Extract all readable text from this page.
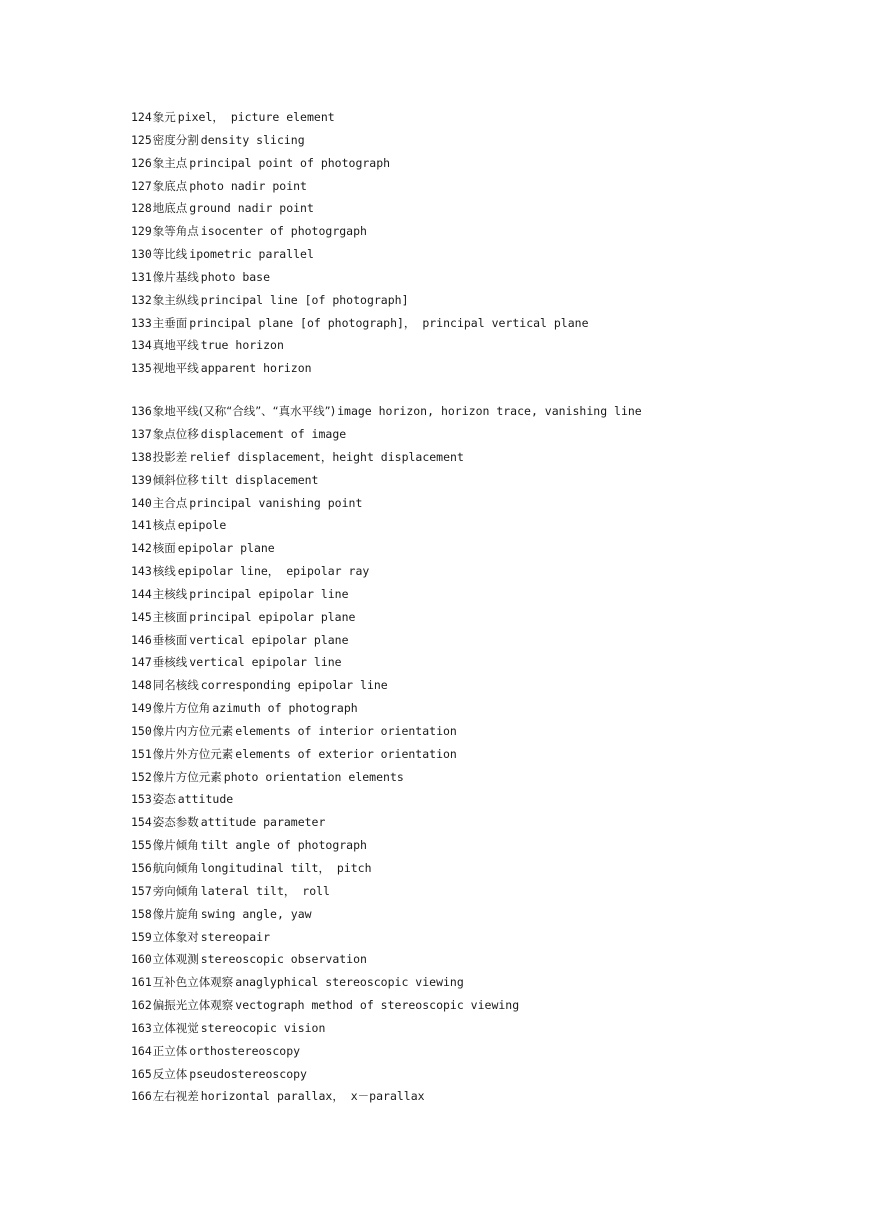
124象元 pixel， picture element
125密度分割 density slicing
126象主点 principal point of photograph
127象底点 photo nadir point
128地底点 ground nadir point
129象等角点 isocenter of photogrgaph
130等比线 ipometric parallel
131像片基线 photo base
132象主纵线 principal line [of photograph]
133主垂面 principal plane [of photograph]， principal vertical plane
134真地平线 true horizon
135视地平线 apparent horizon
136象地平线(又称“合线”、“真水平线”) image horizon, horizon trace, vanishing line
137象点位移 displacement of image
138投影差 relief displacement，height displacement
139倾斜位移 tilt displacement
140主合点 principal vanishing point
141核点 epipole
142核面 epipolar plane
143核线 epipolar line， epipolar ray
144主核线 principal epipolar line
145主核面 principal epipolar plane
146垂核面 vertical epipolar plane
147垂核线 vertical epipolar line
148同名核线 corresponding epipolar line
149像片方位角 azimuth of photograph
150像片内方位元素 elements of interior orientation
151像片外方位元素 elements of exterior orientation
152像片方位元素 photo orientation elements
153姿态 attitude
154姿态参数 attitude parameter
155像片倾角 tilt angle of photograph
156航向倾角 longitudinal tilt， pitch
157旁向倾角 lateral tilt， roll
158像片旋角 swing angle, yaw
159立体象对 stereopair
160立体观测 stereoscopic observation
161互补色立体观察 anaglyphical stereoscopic viewing
162偏振光立体观察 vectograph method of stereoscopic viewing
163立体视觉 stereocopic vision
164正立体 orthostereoscopy
165反立体 pseudostereoscopy
166左右视差 horizontal parallax， x－parallax
